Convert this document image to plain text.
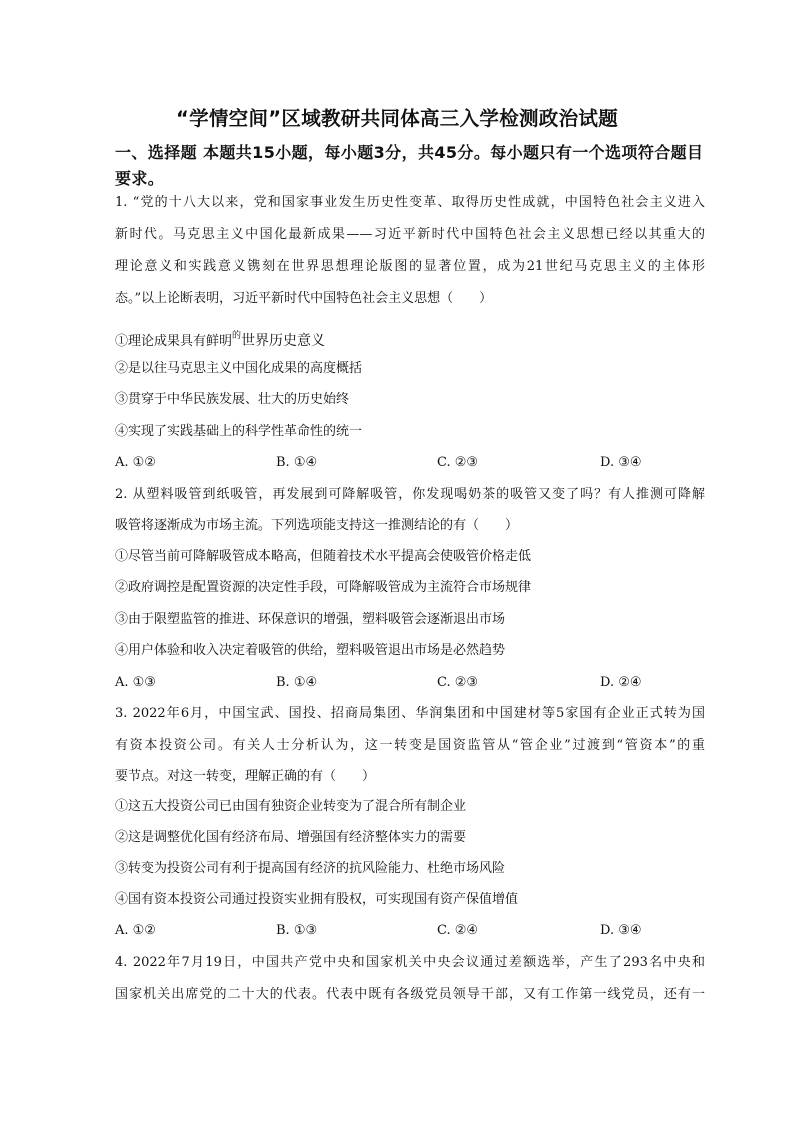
“学情空间”区域教研共同体高三入学检测政治试题
一、选择题 本题共15小题，每小题3分，共45分。每小题只有一个选项符合题目要求。
1. “党的十八大以来，党和国家事业发生历史性变革、取得历史性成就，中国特色社会主义进入
新时代。马克思主义中国化最新成果——习近平新时代中国特色社会主义思想已经以其重大的
理论意义和实践意义镌刻在世界思想理论版图的显著位置，成为21世纪马克思主义的主体形
态。”以上论断表明，习近平新时代中国特色社会主义思想（　　）
①理论成果具有鲜明$^的$世界历史意义
②是以往马克思主义中国化成果的高度概括
③贯穿于中华民族发展、壮大的历史始终
④实现了实践基础上的科学性革命性的统一
A. ①②	B. ①④	C. ②③	D. ③④
2. 从塑料吸管到纸吸管，再发展到可降解吸管，你发现喝奶茶的吸管又变了吗？有人推测可降解
吸管将逐渐成为市场主流。下列选项能支持这一推测结论的有（　　）
①尽管当前可降解吸管成本略高，但随着技术水平提高会使吸管价格走低
②政府调控是配置资源的决定性手段，可降解吸管成为主流符合市场规律
③由于限塑监管的推进、环保意识的增强，塑料吸管会逐渐退出市场
④用户体验和收入决定着吸管的供给，塑料吸管退出市场是必然趋势
A. ①③	B. ①④	C. ②③	D. ②④
3. 2022年6月，中国宝武、国投、招商局集团、华润集团和中国建材等5家国有企业正式转为国
有资本投资公司。有关人士分析认为，这一转变是国资监管从“管企业”过渡到“管资本”的重
要节点。对这一转变，理解正确的有（　　）
①这五大投资公司已由国有独资企业转变为了混合所有制企业
②这是调整优化国有经济布局、增强国有经济整体实力的需要
③转变为投资公司有利于提高国有经济的抗风险能力、杜绝市场风险
④国有资本投资公司通过投资实业拥有股权，可实现国有资产保值增值
A. ①②	B. ①③	C. ②④	D. ③④
4. 2022年7月19日，中国共产党中央和国家机关中央会议通过差额选举，产生了293名中央和
国家机关出席党的二十大的代表。代表中既有各级党员领导干部，又有工作第一线党员，还有一
